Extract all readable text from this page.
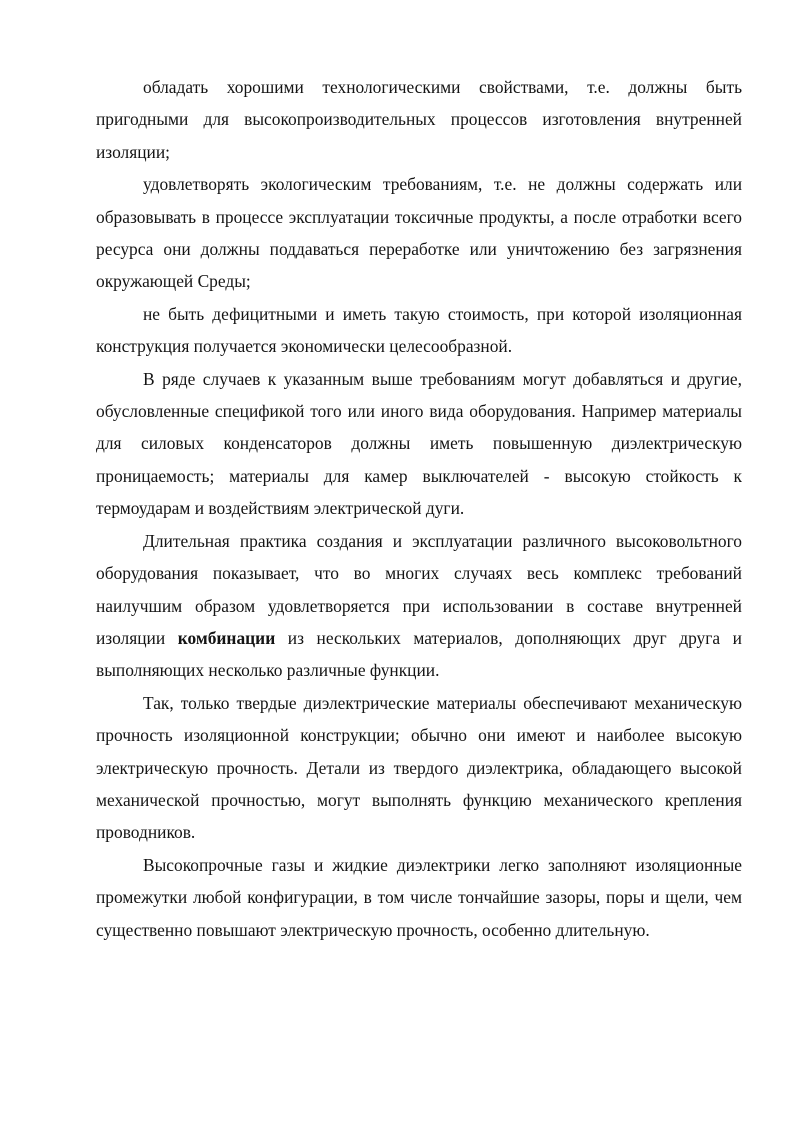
обладать хорошими технологическими свойствами, т.е. должны быть пригодными для высокопроизводительных процессов изготовления внутренней изоляции;

удовлетворять экологическим требованиям, т.е. не должны содержать или образовывать в процессе эксплуатации токсичные продукты, а после отработки всего ресурса они должны поддаваться переработке или уничтожению без загрязнения окружающей Среды;

не быть дефицитными и иметь такую стоимость, при которой изоляционная конструкция получается экономически целесообразной.

В ряде случаев к указанным выше требованиям могут добавляться и другие, обусловленные спецификой того или иного вида оборудования. Например материалы для силовых конденсаторов должны иметь повышенную диэлектрическую проницаемость; материалы для камер выключателей - высокую стойкость к термоударам и воздействиям электрической дуги.

Длительная практика создания и эксплуатации различного высоковольтного оборудования показывает, что во многих случаях весь комплекс требований наилучшим образом удовлетворяется при использовании в составе внутренней изоляции комбинации из нескольких материалов, дополняющих друг друга и выполняющих несколько различные функции.

Так, только твердые диэлектрические материалы обеспечивают механическую прочность изоляционной конструкции; обычно они имеют и наиболее высокую электрическую прочность. Детали из твердого диэлектрика, обладающего высокой механической прочностью, могут выполнять функцию механического крепления проводников.

Высокопрочные газы и жидкие диэлектрики легко заполняют изоляционные промежутки любой конфигурации, в том числе тончайшие зазоры, поры и щели, чем существенно повышают электрическую прочность, особенно длительную.
